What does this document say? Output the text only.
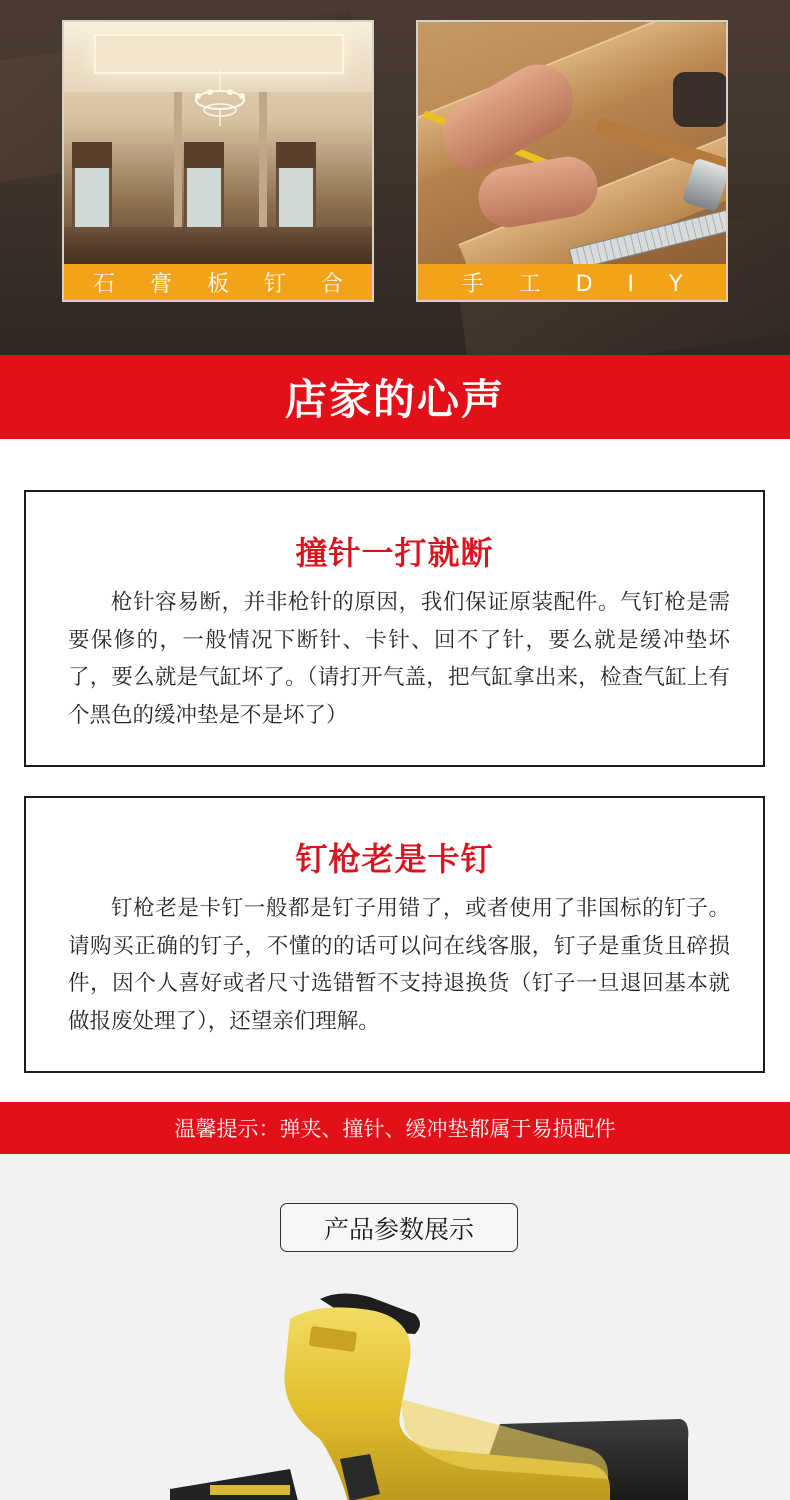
石 膏 板 钉 合	手 工 D I Y
店家的心声
撞针一打就断

枪针容易断，并非枪针的原因，我们保证原装配件。气钉枪是需要保修的，一般情况下断针、卡针、回不了针，要么就是缓冲垫坏了，要么就是气缸坏了。（请打开气盖，把气缸拿出来，检查气缸上有个黑色的缓冲垫是不是坏了）

钉枪老是卡钉

钉枪老是卡钉一般都是钉子用错了，或者使用了非国标的钉子。请购买正确的钉子，不懂的的话可以问在线客服，钉子是重货且碎损件，因个人喜好或者尺寸选错暂不支持退换货（钉子一旦退回基本就做报废处理了），还望亲们理解。

温馨提示：弹夹、撞针、缓冲垫都属于易损配件
产品参数展示
